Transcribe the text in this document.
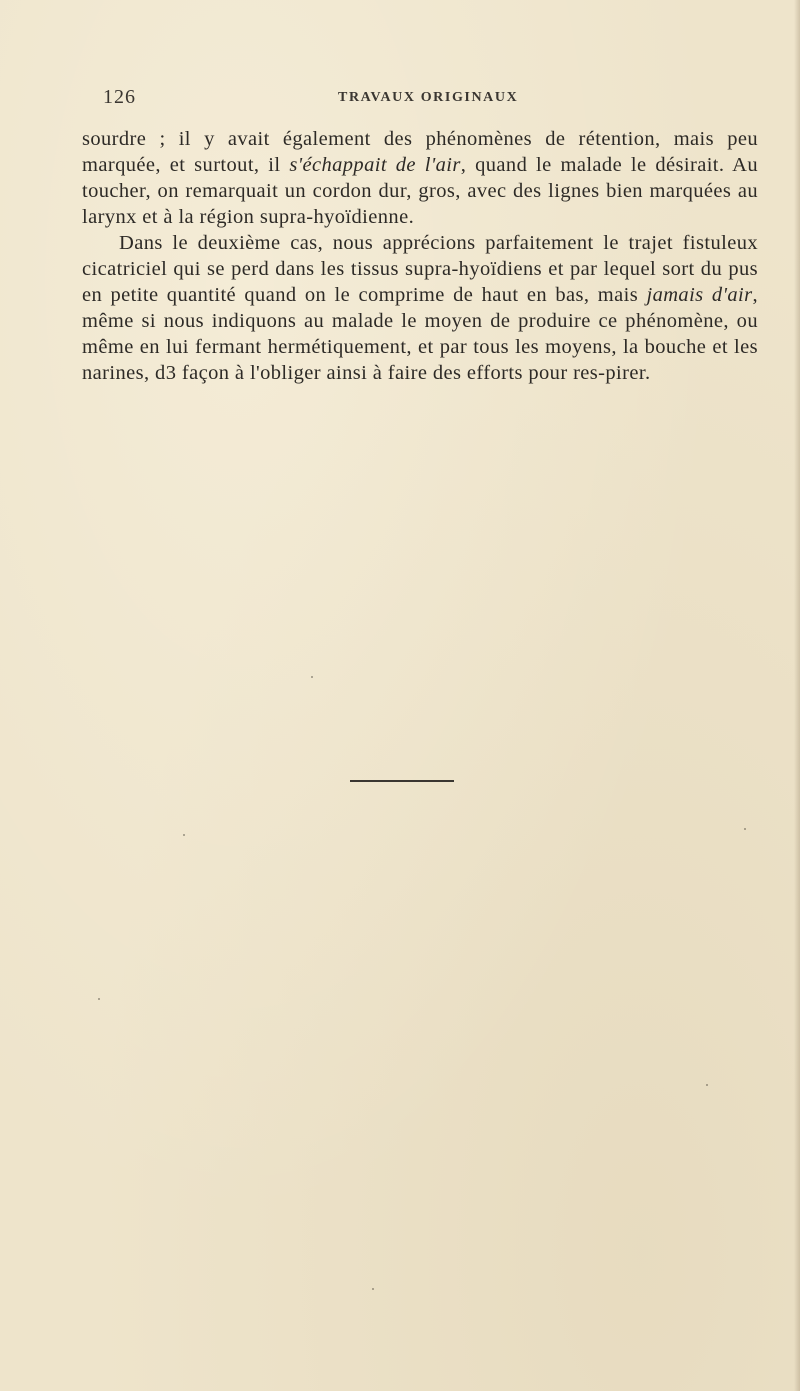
126	TRAVAUX ORIGINAUX

sourdre ; il y avait également des phénomènes de rétention, mais peu marquée, et surtout, il s'échappait de l'air, quand le malade le désirait. Au toucher, on remarquait un cordon dur, gros, avec des lignes bien marquées au larynx et à la région supra-hyoïdienne.

Dans le deuxième cas, nous apprécions parfaitement le trajet fistuleux cicatriciel qui se perd dans les tissus supra-hyoïdiens et par lequel sort du pus en petite quantité quand on le comprime de haut en bas, mais jamais d'air, même si nous indiquons au malade le moyen de produire ce phénomène, ou même en lui fermant hermétiquement, et par tous les moyens, la bouche et les narines, d3 façon à l'obliger ainsi à faire des efforts pour res-pirer.
